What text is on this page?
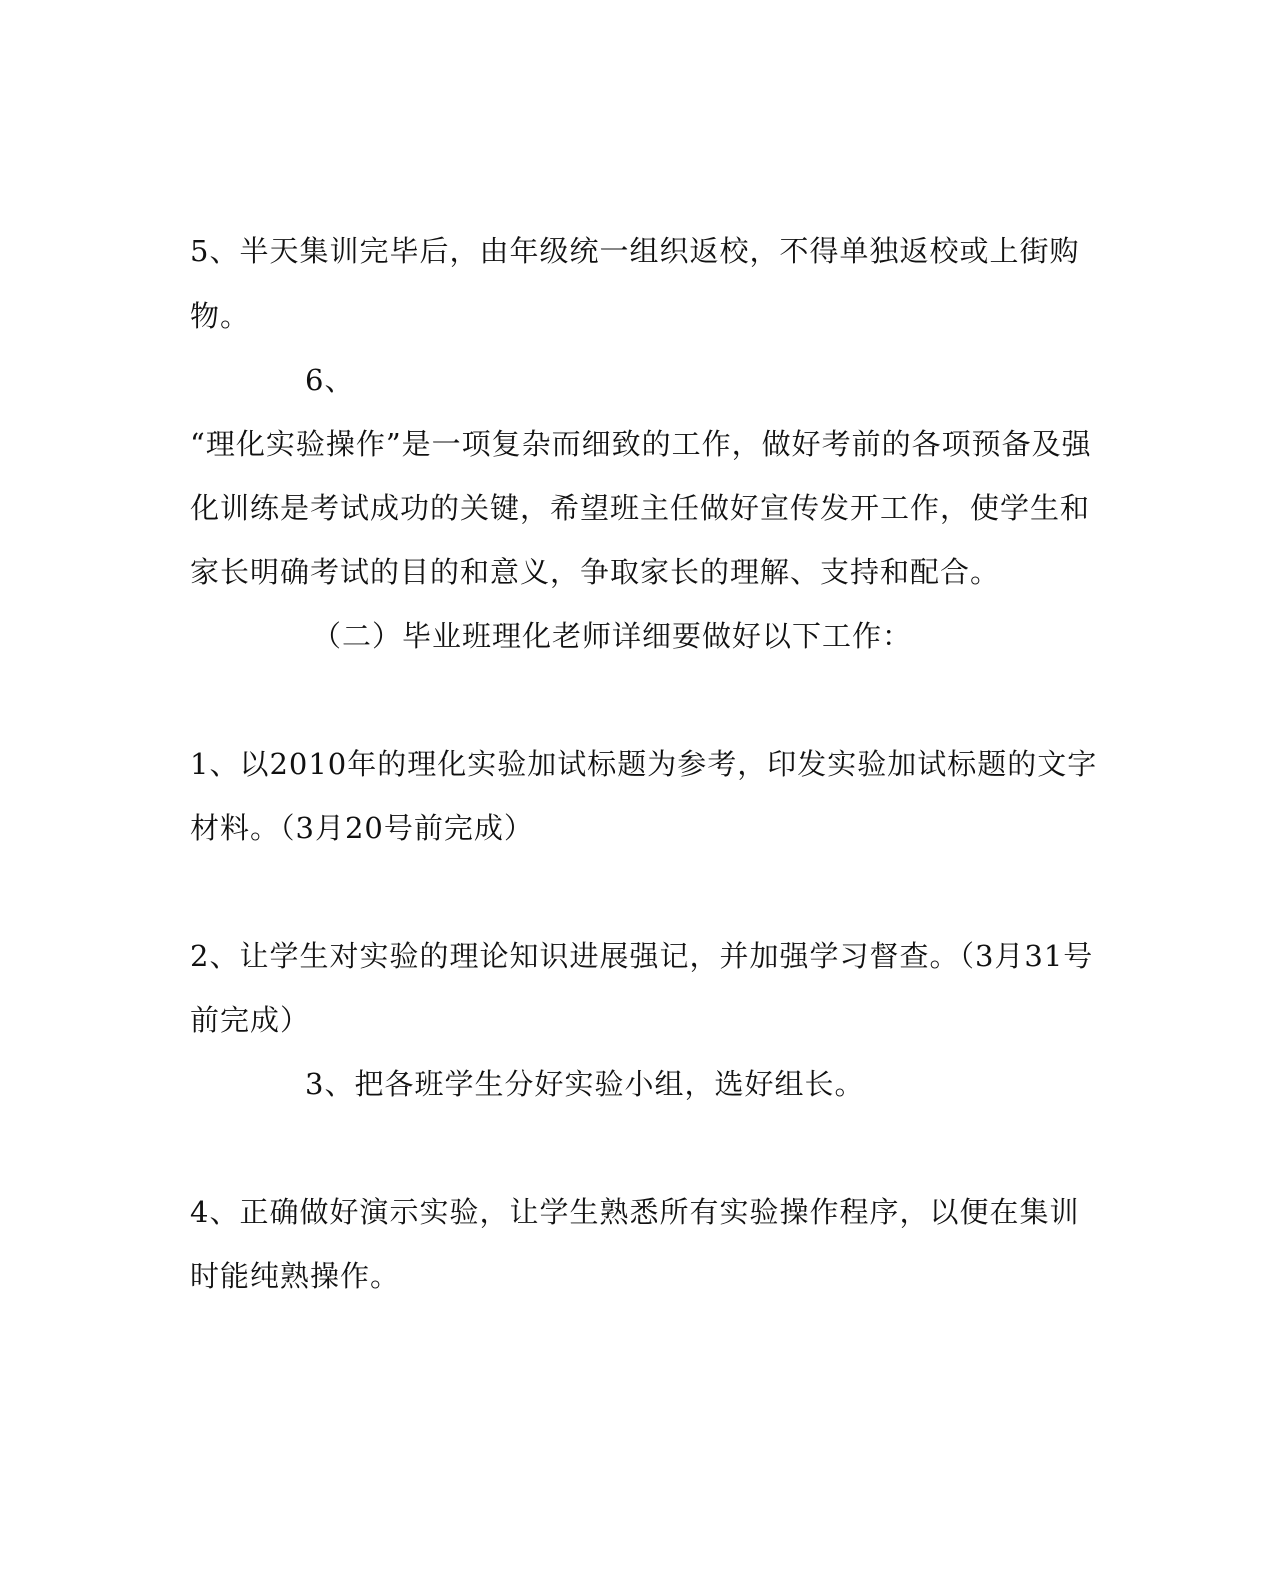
5、半天集训完毕后，由年级统一组织返校，不得单独返校或上街购
物。
6、
“理化实验操作”是一项复杂而细致的工作，做好考前的各项预备及强
化训练是考试成功的关键，希望班主任做好宣传发开工作，使学生和
家长明确考试的目的和意义，争取家长的理解、支持和配合。
（二）毕业班理化老师详细要做好以下工作：
1、以2010年的理化实验加试标题为参考，印发实验加试标题的文字
材料。（3月20号前完成）
2、让学生对实验的理论知识进展强记，并加强学习督查。（3月31号
前完成）
3、把各班学生分好实验小组，选好组长。
4、正确做好演示实验，让学生熟悉所有实验操作程序，以便在集训
时能纯熟操作。
